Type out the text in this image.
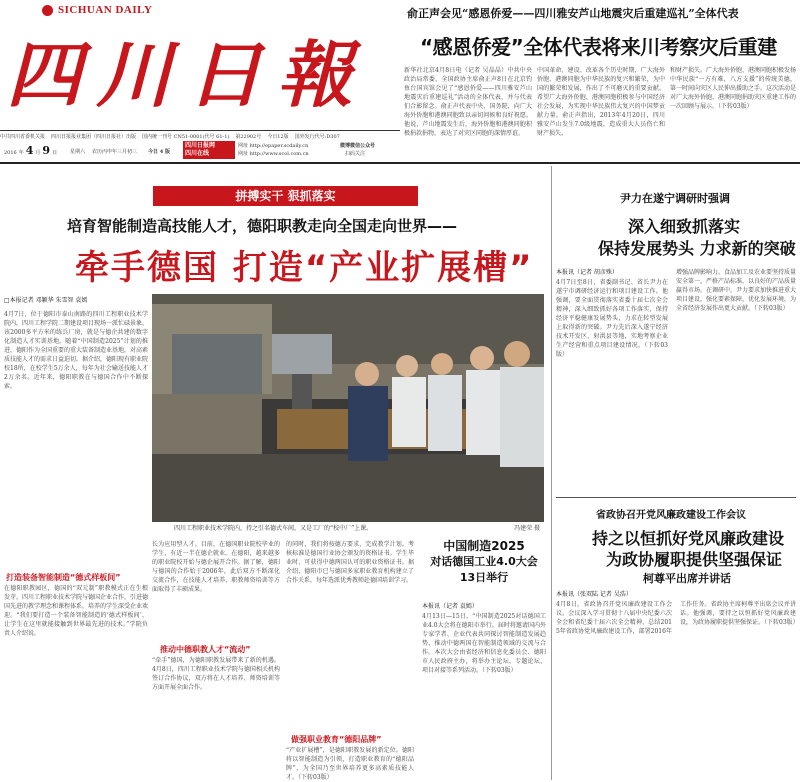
SICHUAN DAILY
四川日報
俞正声会见“感恩侨爱——四川雅安芦山地震灾后重建巡礼”全体代表
“感恩侨爱”全体代表将来川考察灾后重建
新华社北京4月8日电（记者 吴晶晶）中共中央政治局常委、全国政协主席俞正声8日在北京钓鱼台国宾馆会见了“感恩侨爱——四川雅安芦山地震灾后重建巡礼”活动的全体代表，并与代表们合影留念。俞正声代表中央、国务院，向广大海外侨胞和港澳同胞致以亲切问候和良好祝愿。他说，芦山地震发生后，海外侨胞和港澳同胞积极捐款捐物，表达了对灾区同胞的深情厚谊。
中国革命、建设、改革各个历史时期，广大海外侨胞、港澳同胞为中华民族的复兴和繁荣，为中国的繁荣和发展，作出了不可磨灭的重要贡献。希望广大海外侨胞、港澳同胞积极参与中国经济社会发展，为实现中华民族伟大复兴的中国梦贡献力量。俞正声指出，2013年4月20日，四川雅安芦山发生7.0级地震，造成重大人员伤亡和财产损失。
和财产损失。广大海外侨胞、港澳同胞积极发扬中华民族“一方有难，八方支援”的传统美德，第一时间向灾区人民伸出援助之手。这次活动是对广大海外侨胞、港澳同胞捐助灾区重建工作的一次回顾与展示。（下转03版）
中共四川省委机关报 四川日报报业集团（四川日报社）出版 国内统一刊号 CN51-0001(代号 61-1) 第22902号 今日12版 国外发行代号:D307
2016 年 4 月 9 日	星期六 农历丙申年三月初三 今日 4 版
四川日报网
四川在线
网址 http://epaper.scdaily.cn
网址 http://www.scol.com.cn
微博微信公众号
扫码关注
拼搏实干 狠抓落实
培育智能制造高技能人才，德阳职教走向全国走向世界——
牵手德国 打造“产业扩展槽”
□本报记者 邓颖华 朱雪智 袁嫣
4月7日，位于德阳市泰山南路的四川工程职业技术学院内，四川工程学院二期建设项目现场一派忙碌景象。该2000多平方米的练兵厂房，就是与德企共建的数字化制造人才实训基地。随着“中国制造2025”计划的推进，德阳作为全国重要的重大装备制造业基地，对高素质技能人才的需求日益迫切。据介绍，德阳现有职业院校18所，在校学生5万余人，每年为社会输送技能人才2万余名。近年来，德阳职教在与德国合作中不断探索。
打造装备智能制造“德式样板间”
在德阳职教园区，德国的“双元制”职教模式正在生根发芽。四川工程职业技术学院与德国企业合作，引进德国先进的教学理念和课程体系，培养的学生深受企业欢迎。“我们要打造一个装备智能制造的‘德式样板间’，让学生在这里就能接触到世界最先进的技术。”学院负责人介绍说。
四川工程职业技术学院内，持之引名德式车间，又是工厂的“校中厂”上课。	冯建荣 摄
长为应用型人才。目前，在德国职业院校毕业的学生，有近一半在德企就业。在德阳，越来越多的职业院校开始与德企展开合作。据了解，德阳与德国的合作始于2006年，此后双方不断深化交流合作，在技能人才培养、职教师资培训等方面取得了丰硕成果。
推动中德职教人才“流动”
“牵手”德国，为德阳职教发展带来了新的机遇。4月8日，四川工程职业技术学院与德国相关机构签订合作协议，双方将在人才培养、师资培训等方面开展全面合作。
的同时，我们将按德方要求，完成教学计划。考核标准是德国行业协会颁发的资格证书。学生毕业时，可获得中德两国认可的职业资格证书。据介绍，德阳市已与德国多家职业教育机构建立了合作关系，每年选派优秀教师赴德国培训学习。
做强职业教育“德阳品牌”
“产业扩展槽”，是德阳职教发展的新定位。德阳将以智能制造为引领，打造职业教育的“德阳品牌”，为全国乃至世界培养更多高素质技能人才。（下转03版）
中国制造2025
对话德国工业4.0大会
13日举行
本报讯（记者 袁嫣）
4月13日—15日，“中国制造2025对话德国工业4.0大会将在德阳市举行。届时将邀请国内外专家学者、企业代表共同探讨智能制造发展趋势，推动中德两国在智能制造领域的交流与合作。本次大会由省经济和信息化委员会、德阳市人民政府主办，将举办主论坛、专题论坛、项目对接等系列活动。（下转03版）
尹力在遂宁调研时强调
深入细致抓落实
保持发展势头 力求新的突破
本报讯（记者 胡彦殊）
4月7日至8日，省委副书记、省长尹力在遂宁市调研经济运行和项目建设工作。他强调，要全面贯彻落实省委十届七次全会精神，深入细致抓好各项工作落实，保持经济平稳健康发展势头，力求在转型发展上取得新的突破。尹力先后深入遂宁经济技术开发区、射洪县等地，实地考察企业生产经营和重点项目建设情况。（下转03版）
增强品牌影响力。食品加工及农业要坚持质量安全第一，严格产品标准，以良好的产品质量赢得市场。在调研中，尹力要求加快推进重大项目建设，强化要素保障，优化发展环境，为全省经济发展作出更大贡献。（下转03版）
省政协召开党风廉政建设工作会议
持之以恒抓好党风廉政建设
为政协履职提供坚强保证
柯尊平出席并讲话
本报讯（张双陆 记者 吴浩）
4月8日，省政协召开党风廉政建设工作会议。会议深入学习贯彻十八届中央纪委六次全会和省纪委十届六次全会精神，总结2015年省政协党风廉政建设工作，部署2016年工作任务。省政协主席柯尊平出席会议并讲话。他强调，要持之以恒抓好党风廉政建设，为政协履职提供坚强保证。（下转03版）
